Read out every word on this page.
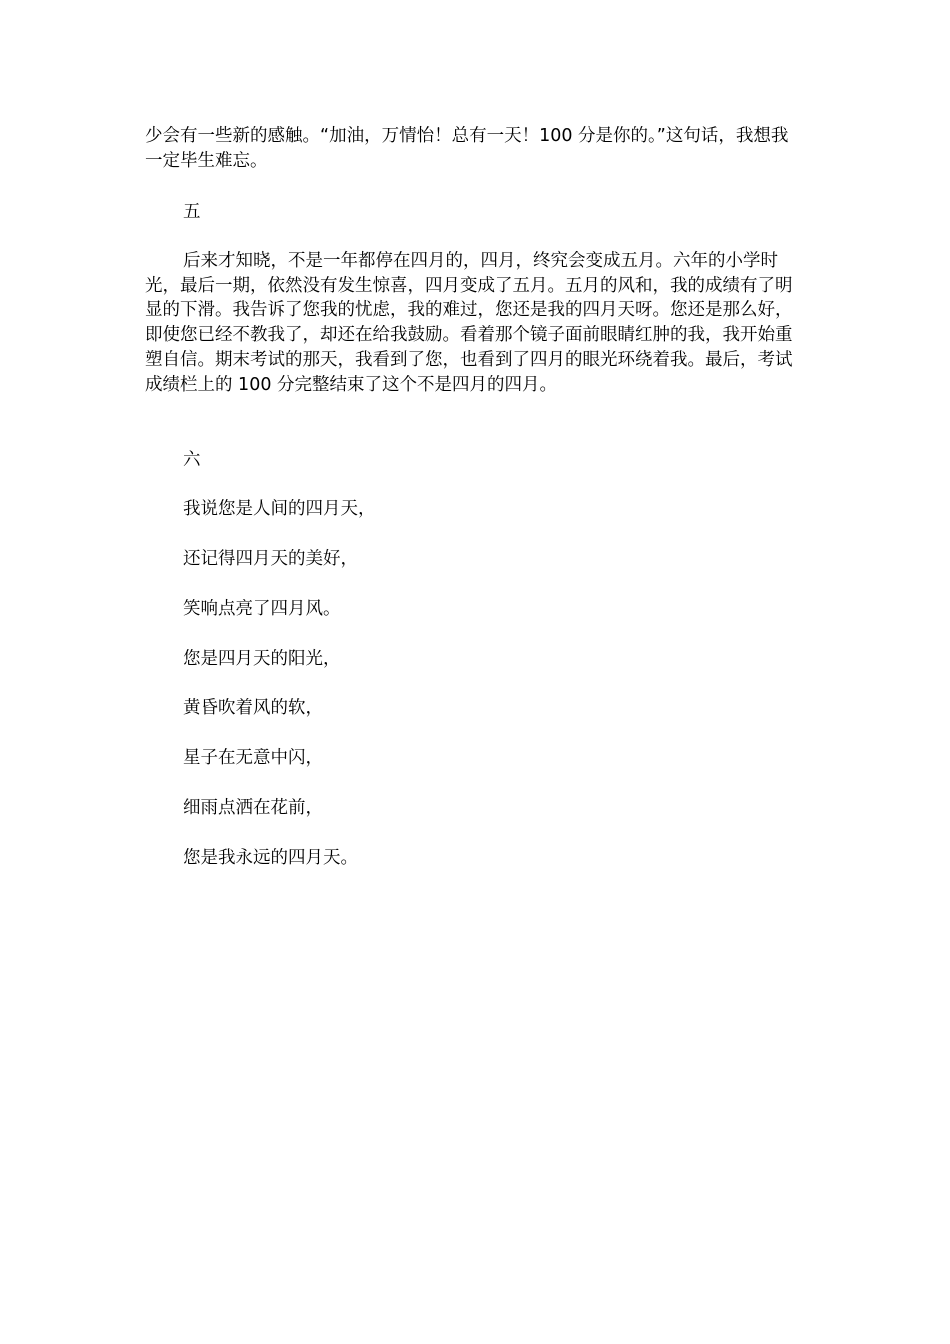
少会有一些新的感触。“加油，万情怡！总有一天！100 分是你的。”这句话，我想我一定毕生难忘。

五

后来才知晓，不是一年都停在四月的，四月，终究会变成五月。六年的小学时光，最后一期，依然没有发生惊喜，四月变成了五月。五月的风和，我的成绩有了明显的下滑。我告诉了您我的忧虑，我的难过，您还是我的四月天呀。您还是那么好，即使您已经不教我了，却还在给我鼓励。看着那个镜子面前眼睛红肿的我，我开始重塑自信。期末考试的那天，我看到了您，也看到了四月的眼光环绕着我。最后，考试成绩栏上的 100 分完整结束了这个不是四月的四月。

六

我说您是人间的四月天，

还记得四月天的美好，

笑响点亮了四月风。

您是四月天的阳光，

黄昏吹着风的软，

星子在无意中闪，

细雨点洒在花前，

您是我永远的四月天。
